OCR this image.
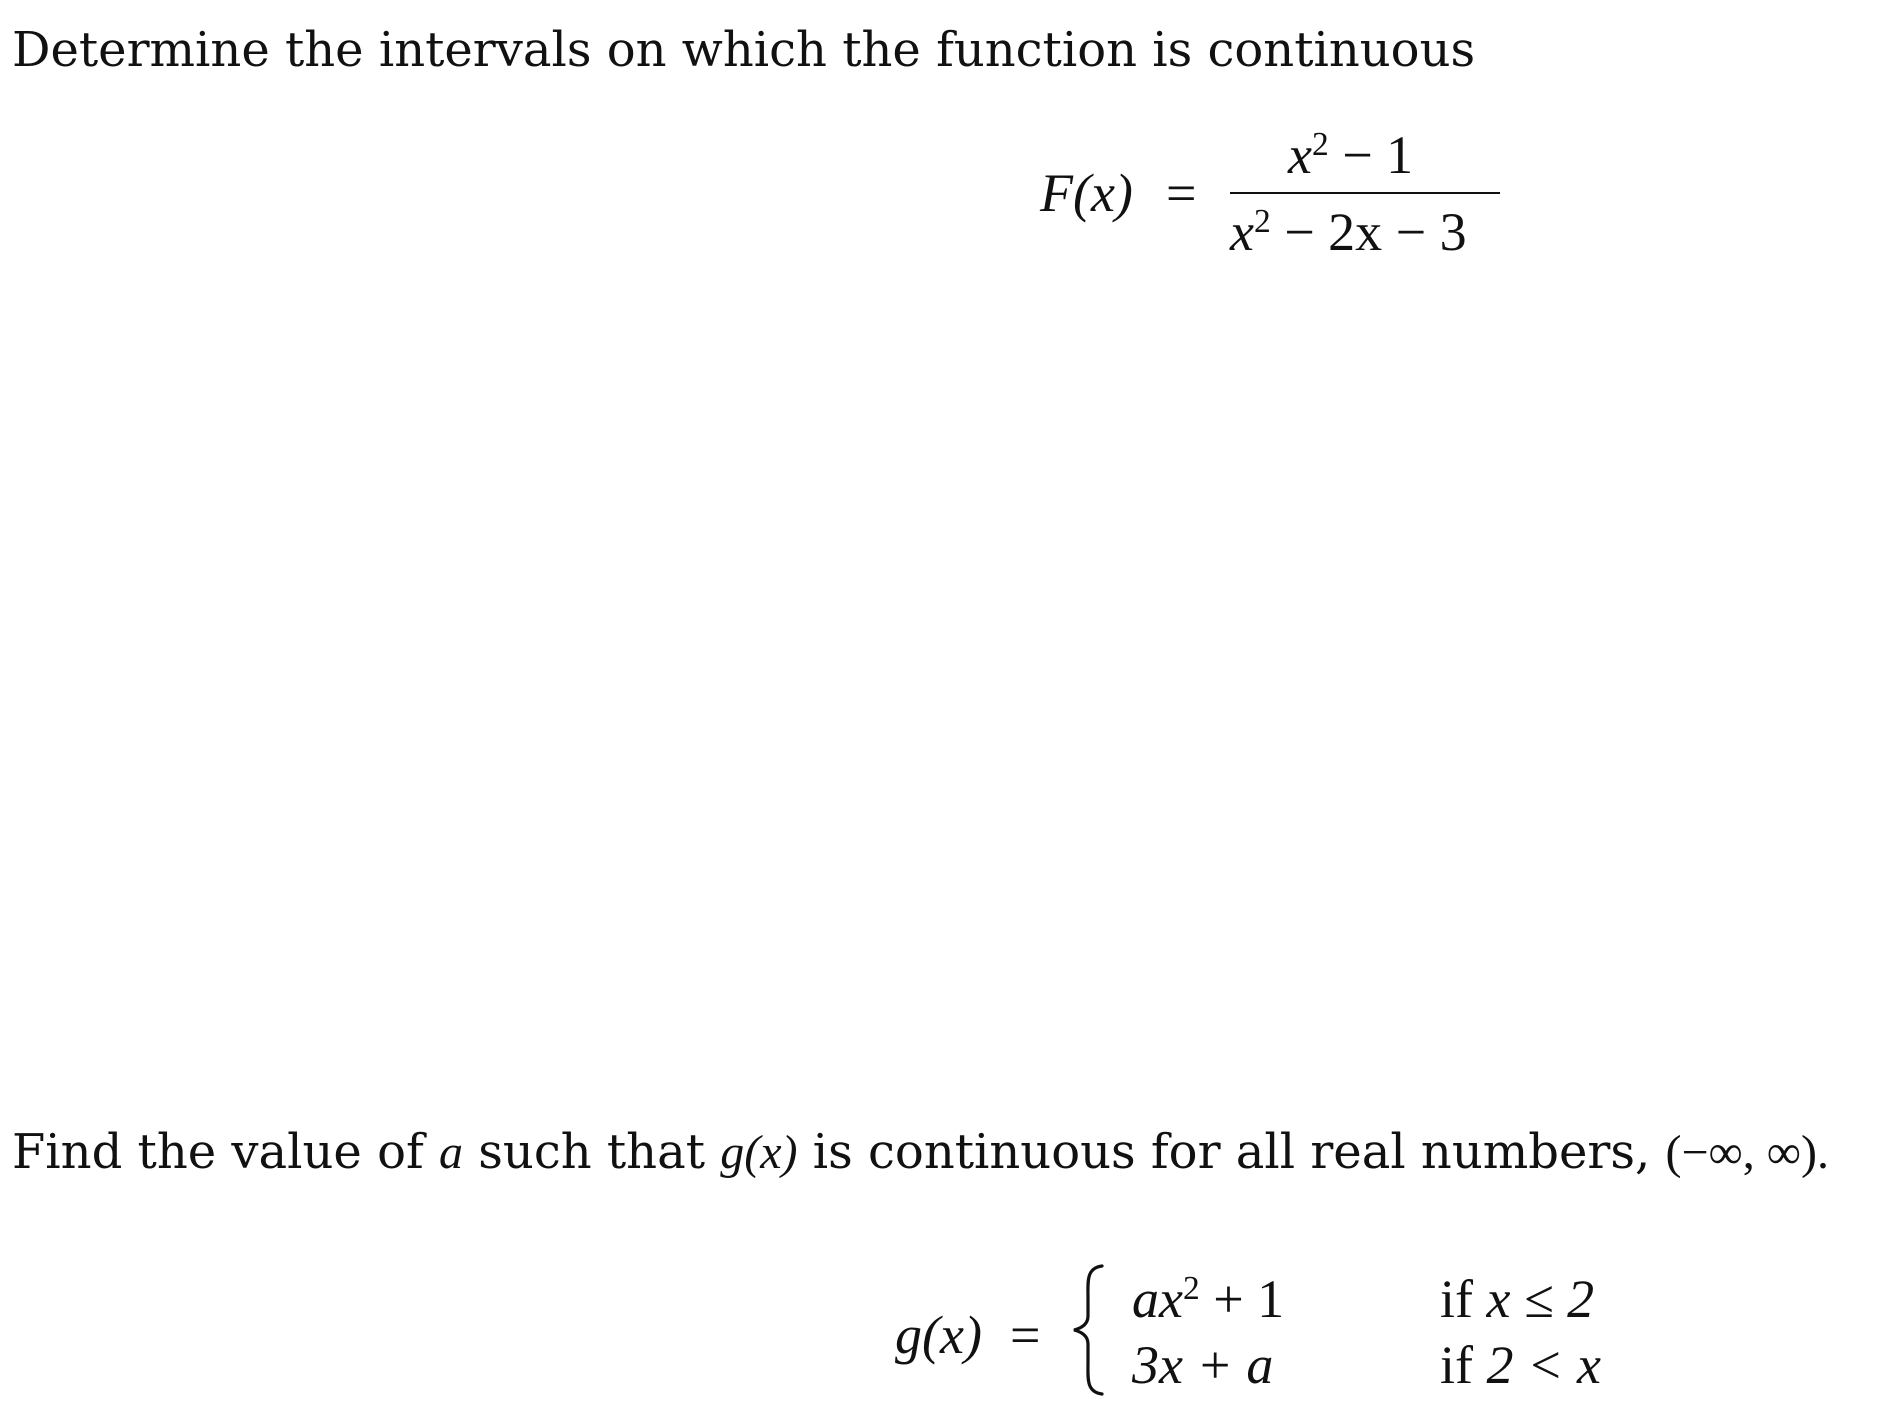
Determine the intervals on which the function is continuous
F(x) =
$x^2 - 1$
$x^2 - 2x - 3$
Find the value of a such that g(x) is continuous for all real numbers, (−∞, ∞).
g(x) =
$ax^2 + 1$	if x ≤ 2
3x + a	if 2 < x
